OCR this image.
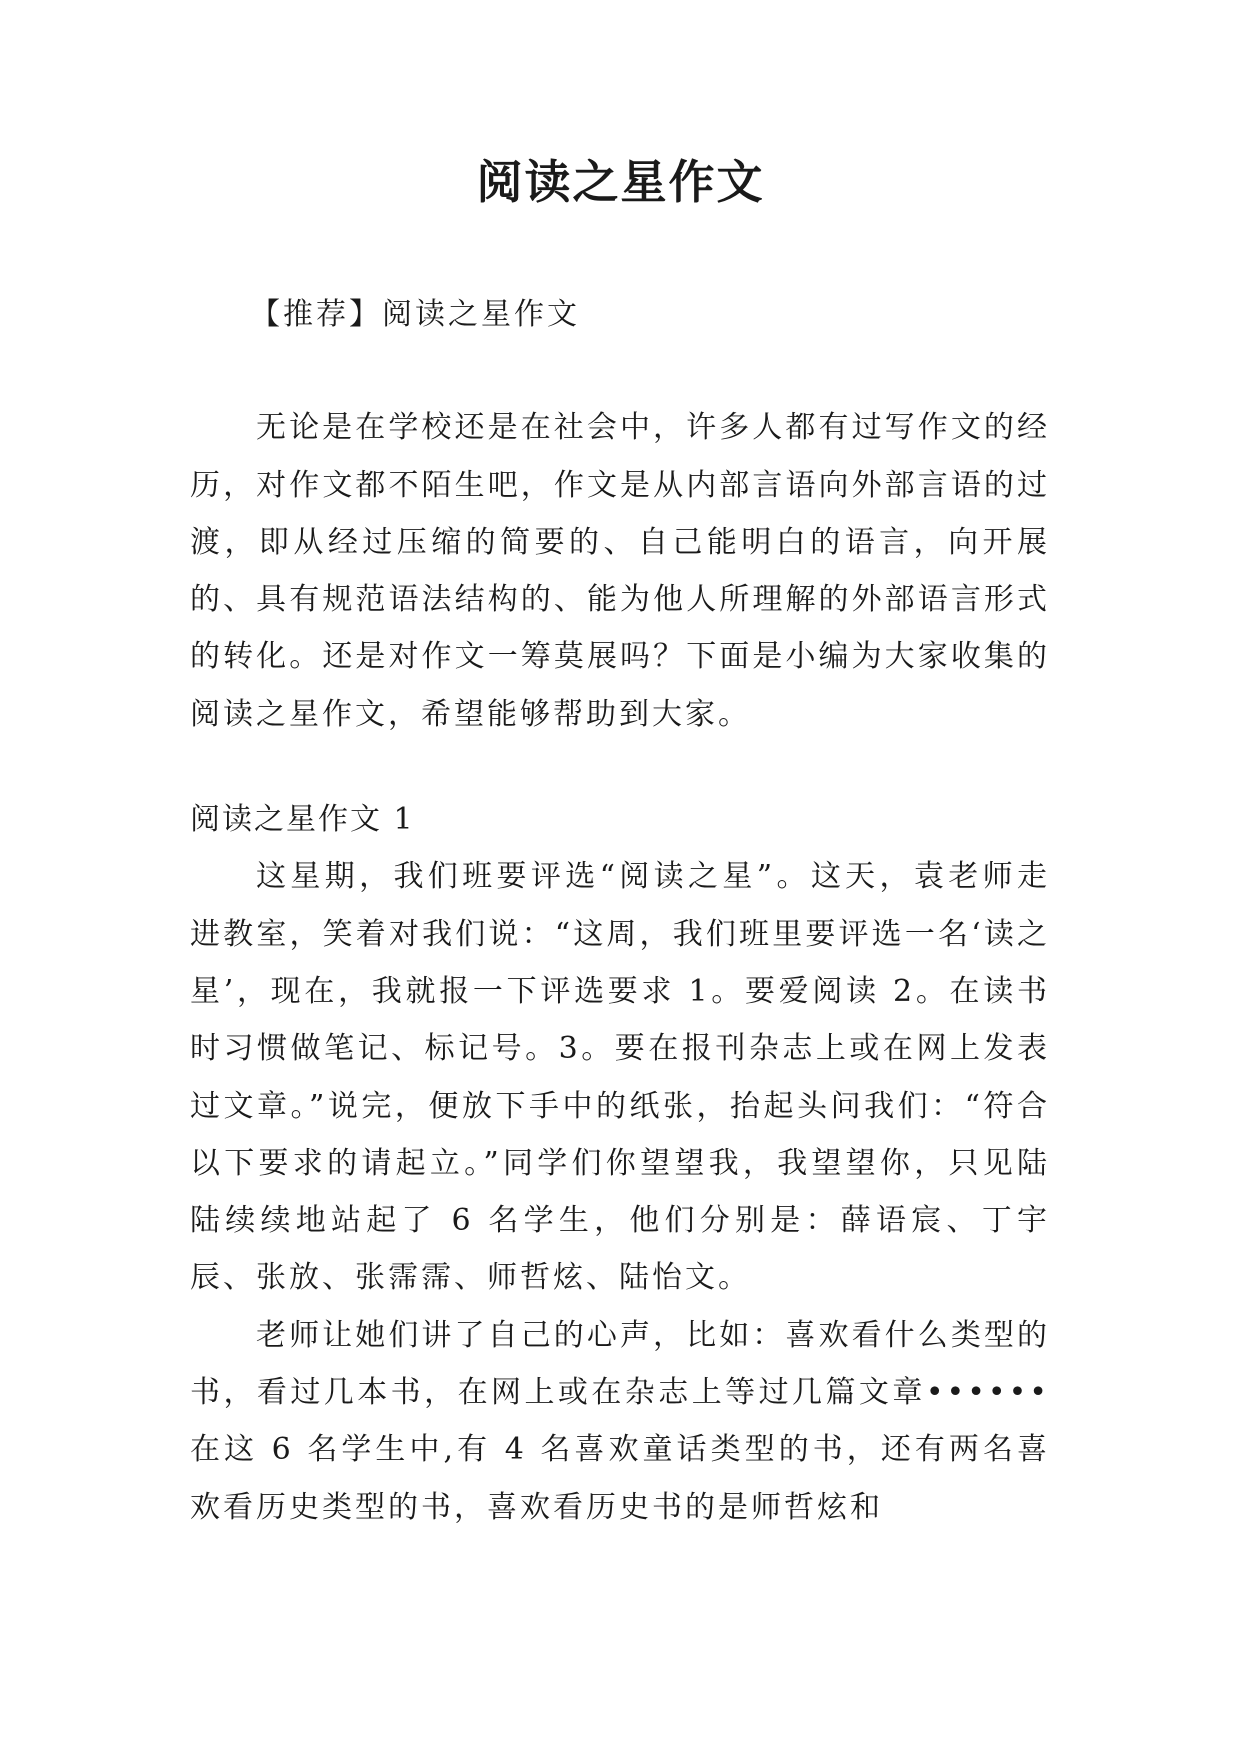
阅读之星作文

【推荐】阅读之星作文

无论是在学校还是在社会中，许多人都有过写作文的经历，对作文都不陌生吧，作文是从内部言语向外部言语的过渡，即从经过压缩的简要的、自己能明白的语言，向开展的、具有规范语法结构的、能为他人所理解的外部语言形式的转化。还是对作文一筹莫展吗？下面是小编为大家收集的阅读之星作文，希望能够帮助到大家。

阅读之星作文 1

这星期，我们班要评选“阅读之星”。这天，袁老师走进教室，笑着对我们说：“这周，我们班里要评选一名‘读之星’，现在，我就报一下评选要求 1。要爱阅读 2。在读书时习惯做笔记、标记号。3。要在报刊杂志上或在网上发表过文章。”说完，便放下手中的纸张，抬起头问我们：“符合以下要求的请起立。”同学们你望望我，我望望你，只见陆陆续续地站起了 6 名学生，他们分别是：薛语宸、丁宇辰、张放、张霈霈、师哲炫、陆怡文。

老师让她们讲了自己的心声，比如：喜欢看什么类型的书，看过几本书，在网上或在杂志上等过几篇文章••••••在这 6 名学生中,有 4 名喜欢童话类型的书，还有两名喜欢看历史类型的书，喜欢看历史书的是师哲炫和
